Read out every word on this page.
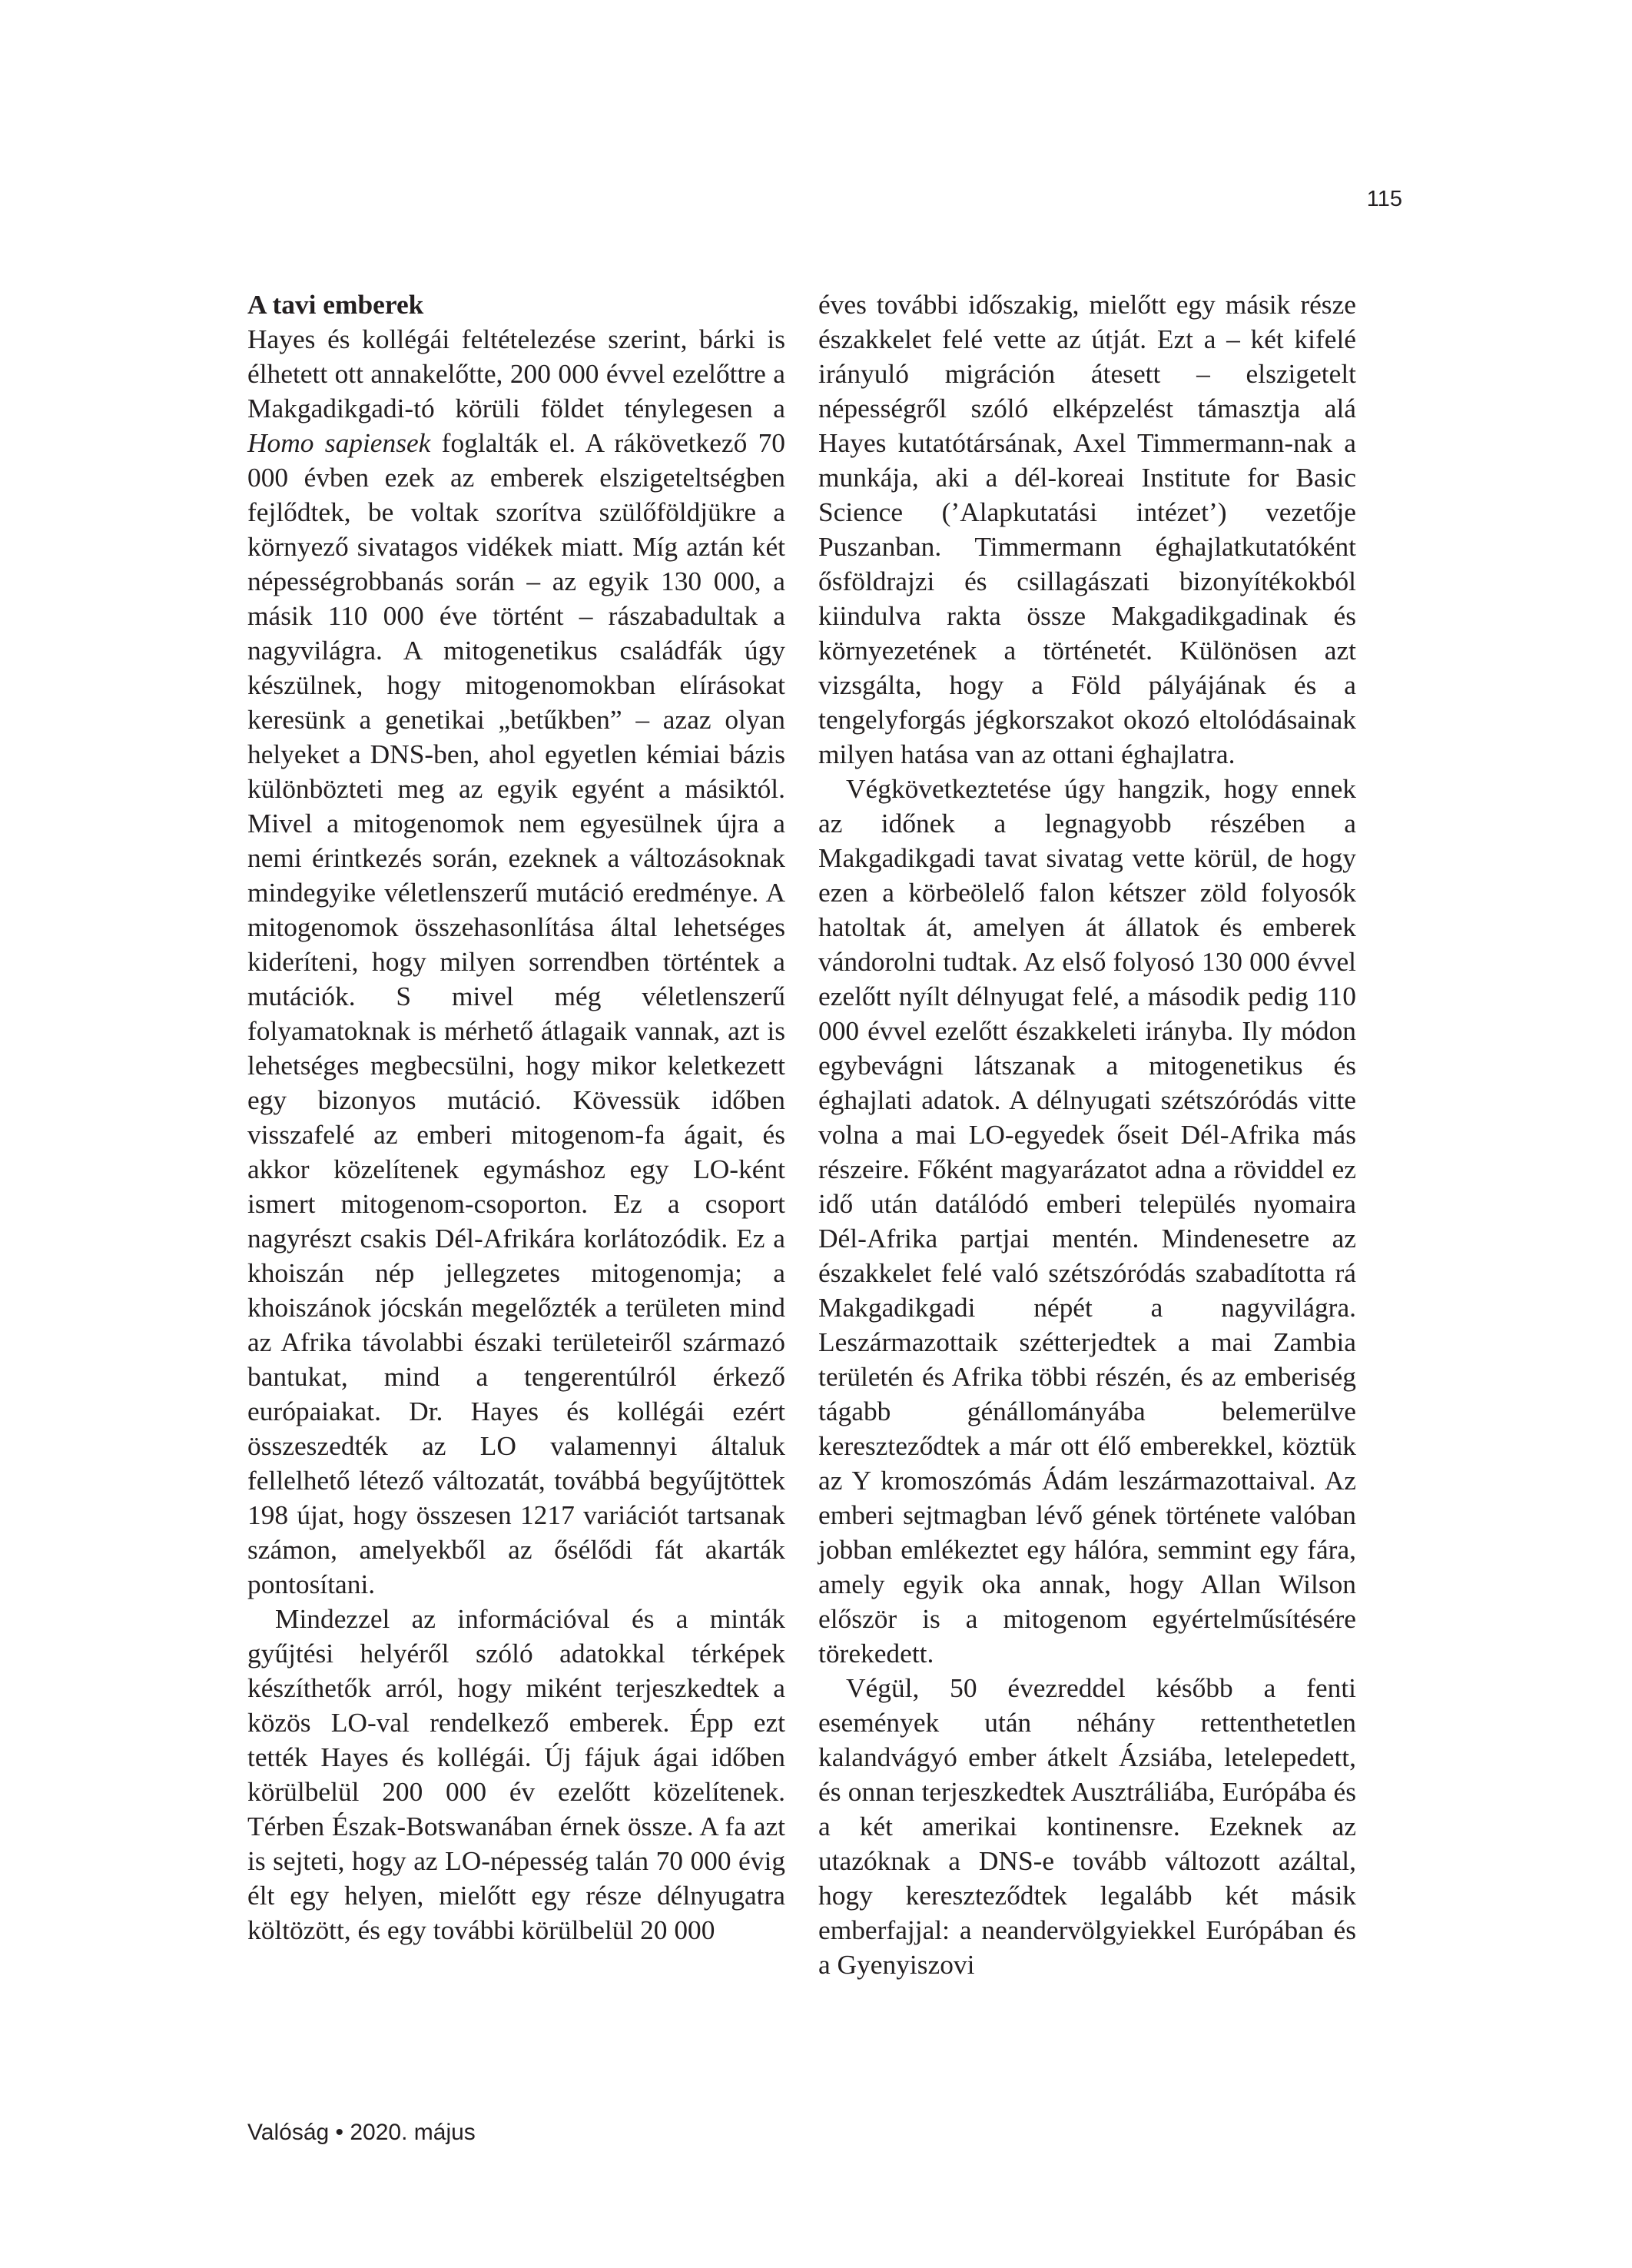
115

A tavi emberek

Hayes és kollégái feltételezése szerint, bárki is élhetett ott annakelőtte, 200 000 évvel ezelőttre a Makgadikgadi-tó körüli földet ténylegesen a Homo sapiensek foglalták el. A rákövetkező 70 000 évben ezek az emberek elszigeteltségben fejlődtek, be voltak szorítva szülőföldjükre a környező sivatagos vidékek miatt. Míg aztán két népességrobbanás során – az egyik 130 000, a másik 110 000 éve történt – rászabadultak a nagyvilágra. A mitogenetikus családfák úgy készülnek, hogy mitogenomokban elírásokat keresünk a genetikai „betűkben” – azaz olyan helyeket a DNS-ben, ahol egyetlen kémiai bázis különbözteti meg az egyik egyént a másiktól. Mivel a mitogenomok nem egyesülnek újra a nemi érintkezés során, ezeknek a változásoknak mindegyike véletlenszerű mutáció eredménye. A mitogenomok összehasonlítása által lehetséges kideríteni, hogy milyen sorrendben történtek a mutációk. S mivel még véletlenszerű folyamatoknak is mérhető átlagaik vannak, azt is lehetséges megbecsülni, hogy mikor keletkezett egy bizonyos mutáció. Kövessük időben visszafelé az emberi mitogenom-fa ágait, és akkor közelítenek egymáshoz egy LO-ként ismert mitogenom-csoporton. Ez a csoport nagyrészt csakis Dél-Afrikára korlátozódik. Ez a khoiszán nép jellegzetes mitogenomja; a khoiszánok jócskán megelőzték a területen mind az Afrika távolabbi északi területeiről származó bantukat, mind a tengerentúlról érkező európaiakat. Dr. Hayes és kollégái ezért összeszedték az LO valamennyi általuk fellelhető létező változatát, továbbá begyűjtöttek 198 újat, hogy összesen 1217 variációt tartsanak számon, amelyekből az ősélődi fát akarták pontosítani.

Mindezzel az információval és a minták gyűjtési helyéről szóló adatokkal térképek készíthetők arról, hogy miként terjeszkedtek a közös LO-val rendelkező emberek. Épp ezt tették Hayes és kollégái. Új fájuk ágai időben körülbelül 200 000 év ezelőtt közelítenek. Térben Észak-Botswanában érnek össze. A fa azt is sejteti, hogy az LO-népesség talán 70 000 évig élt egy helyen, mielőtt egy része délnyugatra költözött, és egy további körülbelül 20 000

éves további időszakig, mielőtt egy másik része északkelet felé vette az útját. Ezt a – két kifelé irányuló migráción átesett – elszigetelt népességről szóló elképzelést támasztja alá Hayes kutatótársának, Axel Timmermann-nak a munkája, aki a dél-koreai Institute for Basic Science (’Alapkutatási intézet’) vezetője Puszanban. Timmermann éghajlatkutatóként ősföldrajzi és csillagászati bizonyítékokból kiindulva rakta össze Makgadikgadinak és környezetének a történetét. Különösen azt vizsgálta, hogy a Föld pályájának és a tengelyforgás jégkorszakot okozó eltolódásainak milyen hatása van az ottani éghajlatra.

Végkövetkeztetése úgy hangzik, hogy ennek az időnek a legnagyobb részében a Makgadikgadi tavat sivatag vette körül, de hogy ezen a körbeölelő falon kétszer zöld folyosók hatoltak át, amelyen át állatok és emberek vándorolni tudtak. Az első folyosó 130 000 évvel ezelőtt nyílt délnyugat felé, a második pedig 110 000 évvel ezelőtt északkeleti irányba. Ily módon egybevágni látszanak a mitogenetikus és éghajlati adatok. A délnyugati szétszóródás vitte volna a mai LO-egyedek őseit Dél-Afrika más részeire. Főként magyarázatot adna a röviddel ez idő után datálódó emberi település nyomaira Dél-Afrika partjai mentén. Mindenesetre az északkelet felé való szétszóródás szabadította rá Makgadikgadi népét a nagyvilágra. Leszármazottaik szétterjedtek a mai Zambia területén és Afrika többi részén, és az emberiség tágabb génállományába belemerülve kereszteződtek a már ott élő emberekkel, köztük az Y kromoszómás Ádám leszármazottaival. Az emberi sejtmagban lévő gének története valóban jobban emlékeztet egy hálóra, semmint egy fára, amely egyik oka annak, hogy Allan Wilson először is a mitogenom egyértelműsítésére törekedett.

Végül, 50 évezreddel később a fenti események után néhány rettenthetetlen kalandvágyó ember átkelt Ázsiába, letelepedett, és onnan terjeszkedtek Ausztráliába, Európába és a két amerikai kontinensre. Ezeknek az utazóknak a DNS-e tovább változott azáltal, hogy kereszteződtek legalább két másik emberfajjal: a neandervölgyiekkel Európában és a Gyenyiszovi

Valóság • 2020. május
